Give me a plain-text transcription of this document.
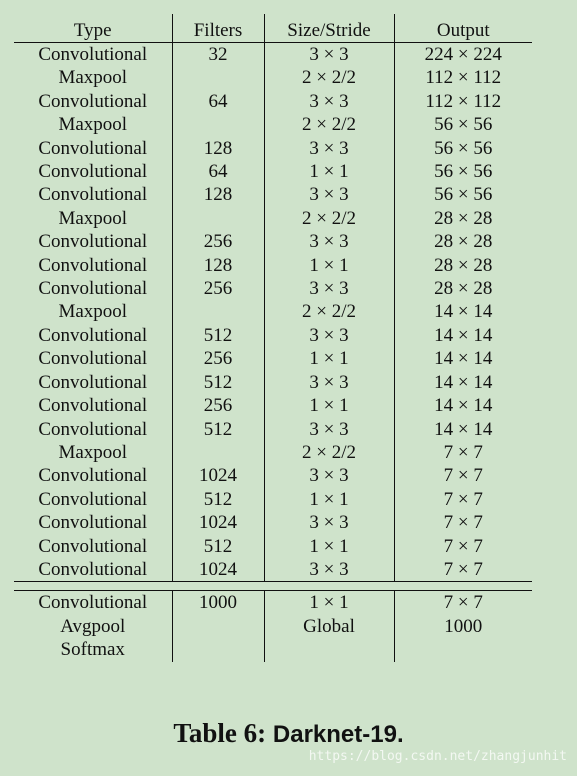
Type	Filters	Size/Stride	Output
Convolutional	32	3 × 3	224 × 224
Maxpool		2 × 2/2	112 × 112
Convolutional	64	3 × 3	112 × 112
Maxpool		2 × 2/2	56 × 56
Convolutional	128	3 × 3	56 × 56
Convolutional	64	1 × 1	56 × 56
Convolutional	128	3 × 3	56 × 56
Maxpool		2 × 2/2	28 × 28
Convolutional	256	3 × 3	28 × 28
Convolutional	128	1 × 1	28 × 28
Convolutional	256	3 × 3	28 × 28
Maxpool		2 × 2/2	14 × 14
Convolutional	512	3 × 3	14 × 14
Convolutional	256	1 × 1	14 × 14
Convolutional	512	3 × 3	14 × 14
Convolutional	256	1 × 1	14 × 14
Convolutional	512	3 × 3	14 × 14
Maxpool		2 × 2/2	7 × 7
Convolutional	1024	3 × 3	7 × 7
Convolutional	512	1 × 1	7 × 7
Convolutional	1024	3 × 3	7 × 7
Convolutional	512	1 × 1	7 × 7
Convolutional	1024	3 × 3	7 × 7

Convolutional	1000	1 × 1	7 × 7
Avgpool		Global	1000
Softmax			
Table 6: Darknet-19.
https://blog.csdn.net/zhangjunhit
